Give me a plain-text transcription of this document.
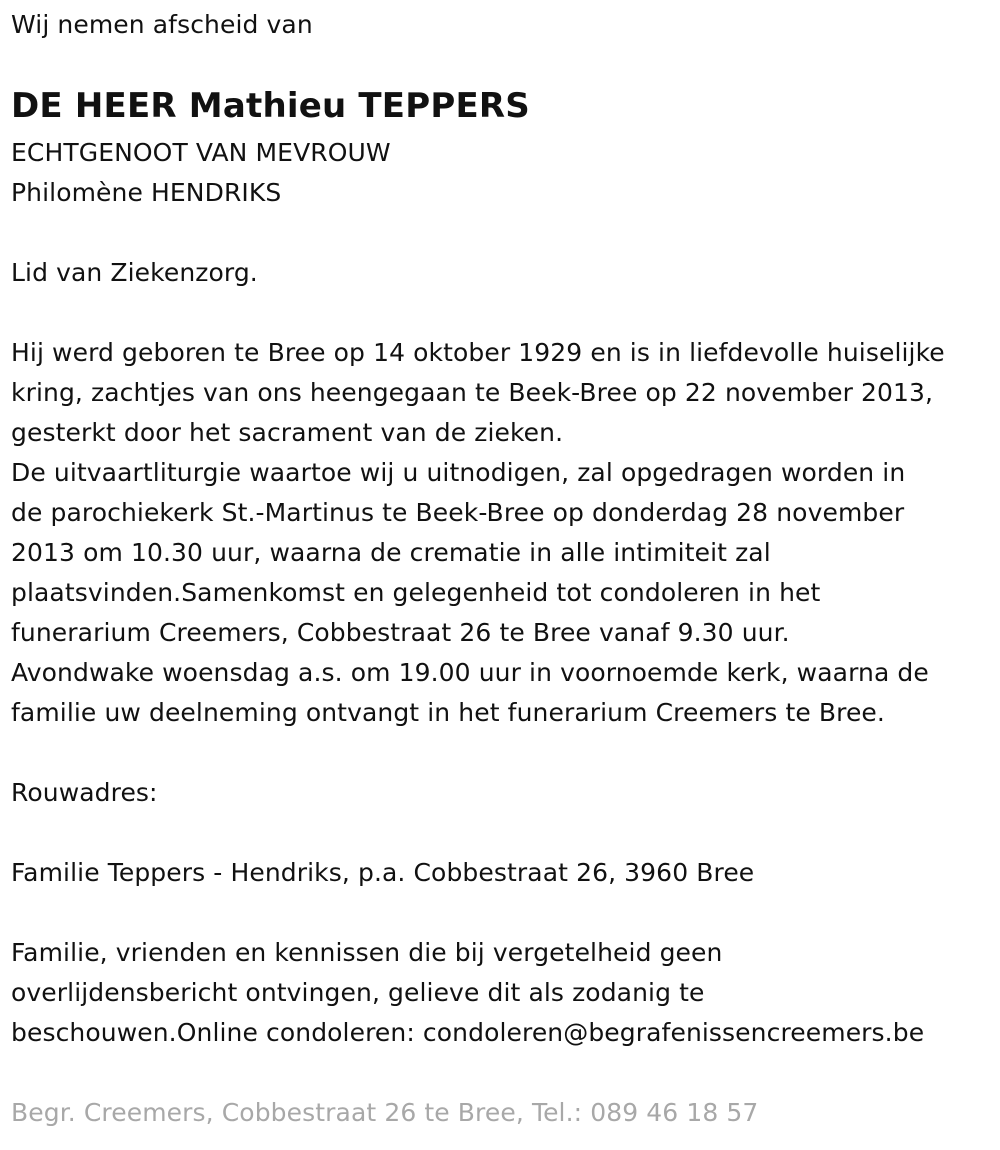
Wij nemen afscheid van
DE HEER Mathieu TEPPERS
ECHTGENOOT VAN MEVROUW
Philomène HENDRIKS
Lid van Ziekenzorg.
Hij werd geboren te Bree op 14 oktober 1929 en is in liefdevolle huiselijke
kring, zachtjes van ons heengegaan te Beek-Bree op 22 november 2013,
gesterkt door het sacrament van de zieken.
De uitvaartliturgie waartoe wij u uitnodigen, zal opgedragen worden in
de parochiekerk St.-Martinus te Beek-Bree op donderdag 28 november
2013 om 10.30 uur, waarna de crematie in alle intimiteit zal
plaatsvinden.Samenkomst en gelegenheid tot condoleren in het
funerarium Creemers, Cobbestraat 26 te Bree vanaf 9.30 uur.
Avondwake woensdag a.s. om 19.00 uur in voornoemde kerk, waarna de
familie uw deelneming ontvangt in het funerarium Creemers te Bree.
Rouwadres:
Familie Teppers - Hendriks, p.a. Cobbestraat 26, 3960 Bree
Familie, vrienden en kennissen die bij vergetelheid geen
overlijdensbericht ontvingen, gelieve dit als zodanig te
beschouwen.Online condoleren: condoleren@begrafenissencreemers.be
Begr. Creemers, Cobbestraat 26 te Bree, Tel.: 089 46 18 57
